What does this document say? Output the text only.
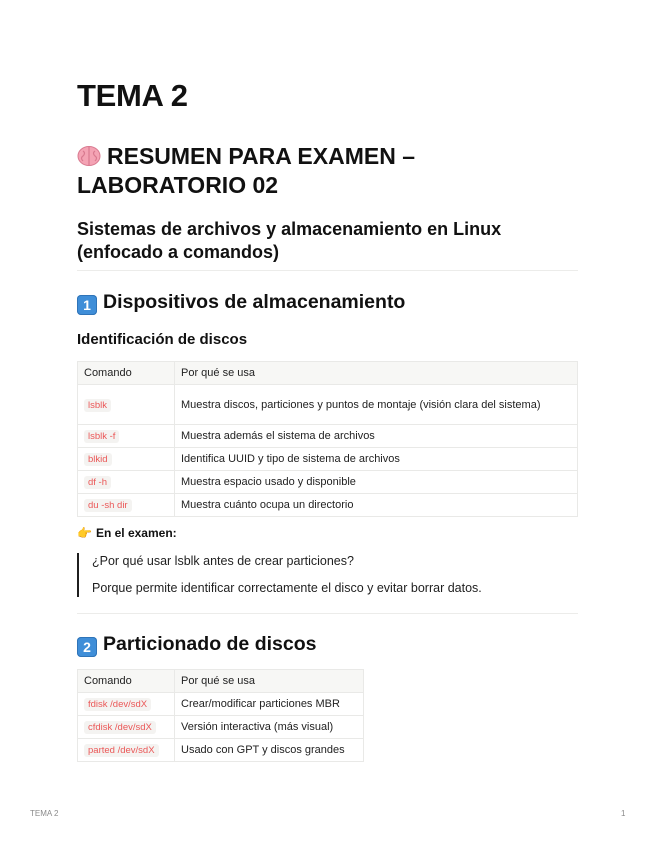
TEMA 2
RESUMEN PARA EXAMEN – LABORATORIO 02
Sistemas de archivos y almacenamiento en Linux (enfocado a comandos)
1 Dispositivos de almacenamiento
Identificación de discos
Comando	Por qué se usa
lsblk	Muestra discos, particiones y puntos de montaje (visión clara del sistema)
lsblk -f	Muestra además el sistema de archivos
blkid	Identifica UUID y tipo de sistema de archivos
df -h	Muestra espacio usado y disponible
du -sh dir	Muestra cuánto ocupa un directorio
👉 En el examen:

¿Por qué usar lsblk antes de crear particiones?

Porque permite identificar correctamente el disco y evitar borrar datos.

2 Particionado de discos
Comando	Por qué se usa
fdisk /dev/sdX	Crear/modificar particiones MBR
cfdisk /dev/sdX	Versión interactiva (más visual)
parted /dev/sdX	Usado con GPT y discos grandes
TEMA 2	1
